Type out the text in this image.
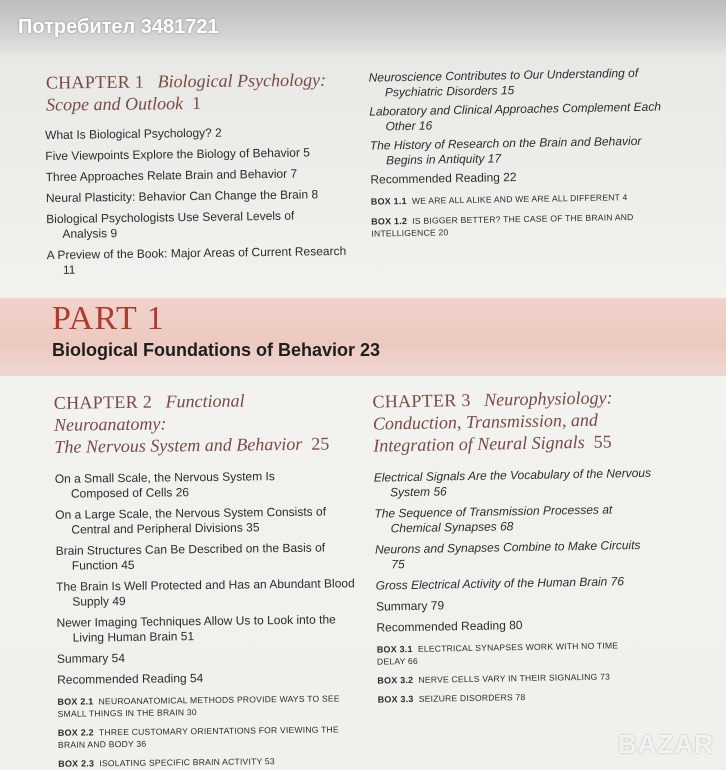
Потребител 3481721
CHAPTER 1 Biological Psychology:
Scope and Outlook 1

What Is Biological Psychology? 2

Five Viewpoints Explore the Biology of Behavior 5

Three Approaches Relate Brain and Behavior 7

Neural Plasticity: Behavior Can Change the Brain 8

Biological Psychologists Use Several Levels of Analysis 9

A Preview of the Book: Major Areas of Current Research 11

Neuroscience Contributes to Our Understanding of Psychiatric Disorders 15

Laboratory and Clinical Approaches Complement Each Other 16

The History of Research on the Brain and Behavior Begins in Antiquity 17

Recommended Reading 22

BOX 1.1 WE ARE ALL ALIKE AND WE ARE ALL DIFFERENT 4
BOX 1.2 IS BIGGER BETTER? THE CASE OF THE BRAIN AND INTELLIGENCE 20
PART 1
Biological Foundations of Behavior 23
CHAPTER 2 Functional Neuroanatomy:
The Nervous System and Behavior 25

On a Small Scale, the Nervous System Is Composed of Cells 26

On a Large Scale, the Nervous System Consists of Central and Peripheral Divisions 35

Brain Structures Can Be Described on the Basis of Function 45

The Brain Is Well Protected and Has an Abundant Blood Supply 49

Newer Imaging Techniques Allow Us to Look into the Living Human Brain 51

Summary 54

Recommended Reading 54

BOX 2.1 NEUROANATOMICAL METHODS PROVIDE WAYS TO SEE SMALL THINGS IN THE BRAIN 30
BOX 2.2 THREE CUSTOMARY ORIENTATIONS FOR VIEWING THE BRAIN AND BODY 36
BOX 2.3 ISOLATING SPECIFIC BRAIN ACTIVITY 53
CHAPTER 3 Neurophysiology:
Conduction, Transmission, and
Integration of Neural Signals 55

Electrical Signals Are the Vocabulary of the Nervous System 56

The Sequence of Transmission Processes at Chemical Synapses 68

Neurons and Synapses Combine to Make Circuits 75

Gross Electrical Activity of the Human Brain 76

Summary 79

Recommended Reading 80

BOX 3.1 ELECTRICAL SYNAPSES WORK WITH NO TIME DELAY 66
BOX 3.2 NERVE CELLS VARY IN THEIR SIGNALING 73
BOX 3.3 SEIZURE DISORDERS 78
BAZAR
